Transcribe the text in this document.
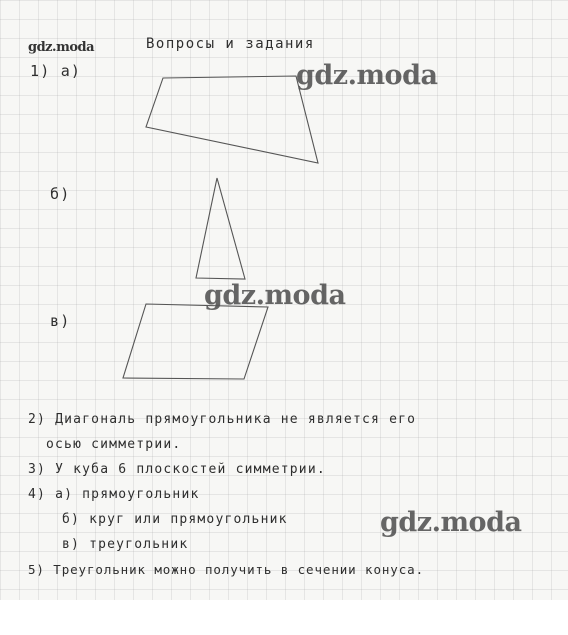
gdz.moda
gdz.moda
gdz.moda
gdz.moda
Вопросы и задания
1) а)
б)
в)
2) Диагональ прямоугольника не является его
осью симметрии.
3) У куба 6 плоскостей симметрии.
4) а) прямоугольник
б) круг или прямоугольник
в) треугольник
5) Треугольник можно получить в сечении конуса.
